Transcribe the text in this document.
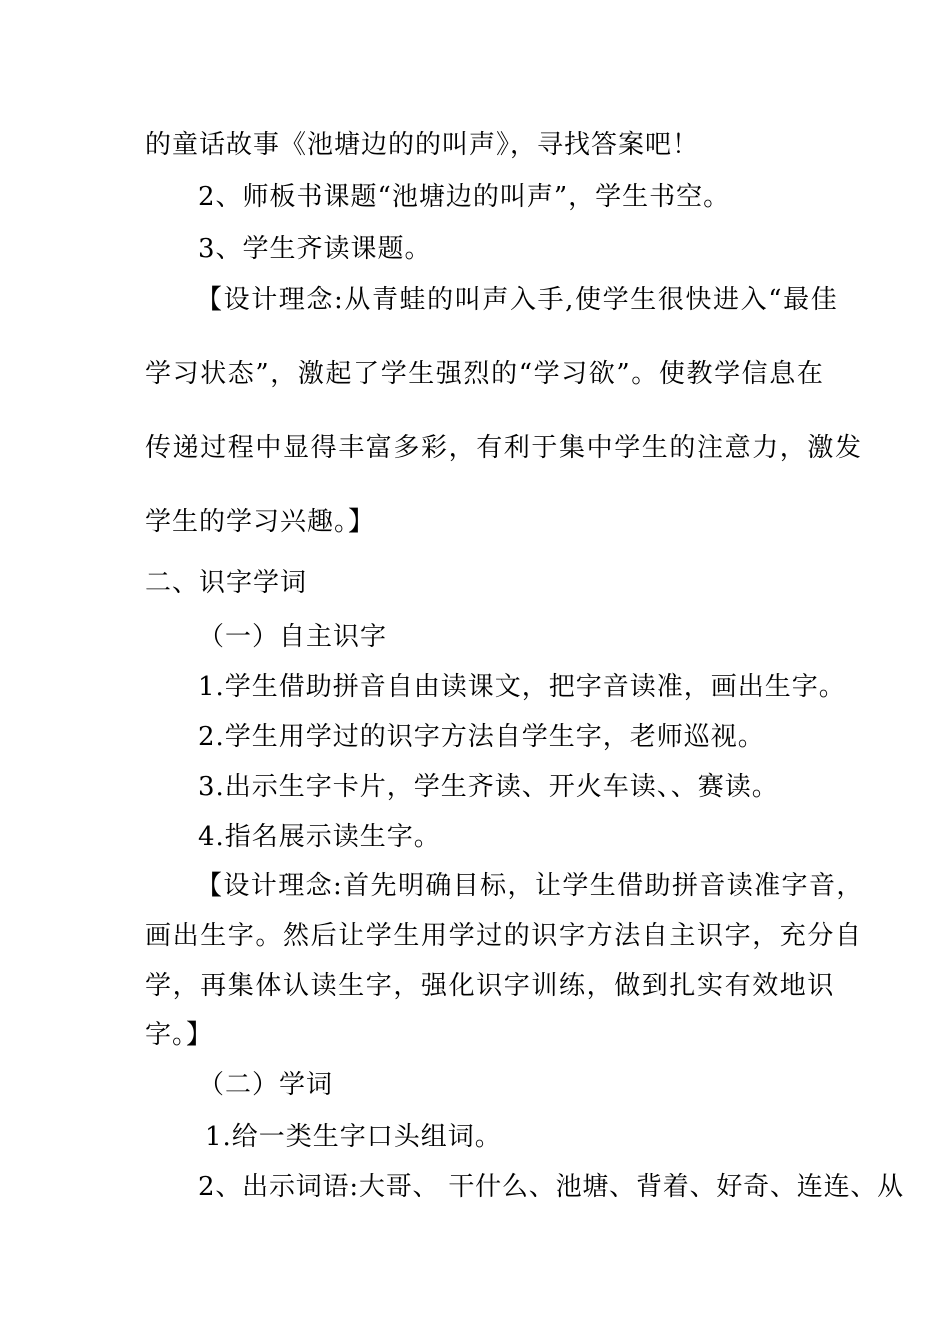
的童话故事《池塘边的的叫声》，寻找答案吧！
2、师板书课题“池塘边的叫声”，学生书空。
3、学生齐读课题。
【设计理念:从青蛙的叫声入手,使学生很快进入“最佳
学习状态”，激起了学生强烈的“学习欲”。使教学信息在
传递过程中显得丰富多彩，有利于集中学生的注意力，激发
学生的学习兴趣。】
二、识字学词
（一）自主识字
1.学生借助拼音自由读课文，把字音读准，画出生字。
2.学生用学过的识字方法自学生字，老师巡视。
3.出示生字卡片，学生齐读、开火车读、、赛读。
4.指名展示读生字。
【设计理念:首先明确目标，让学生借助拼音读准字音，
画出生字。然后让学生用学过的识字方法自主识字，充分自
学，再集体认读生字，强化识字训练，做到扎实有效地识
字。】
（二）学词
1.给一类生字口头组词。
2、出示词语:大哥、 干什么、池塘、背着、好奇、连连、从
